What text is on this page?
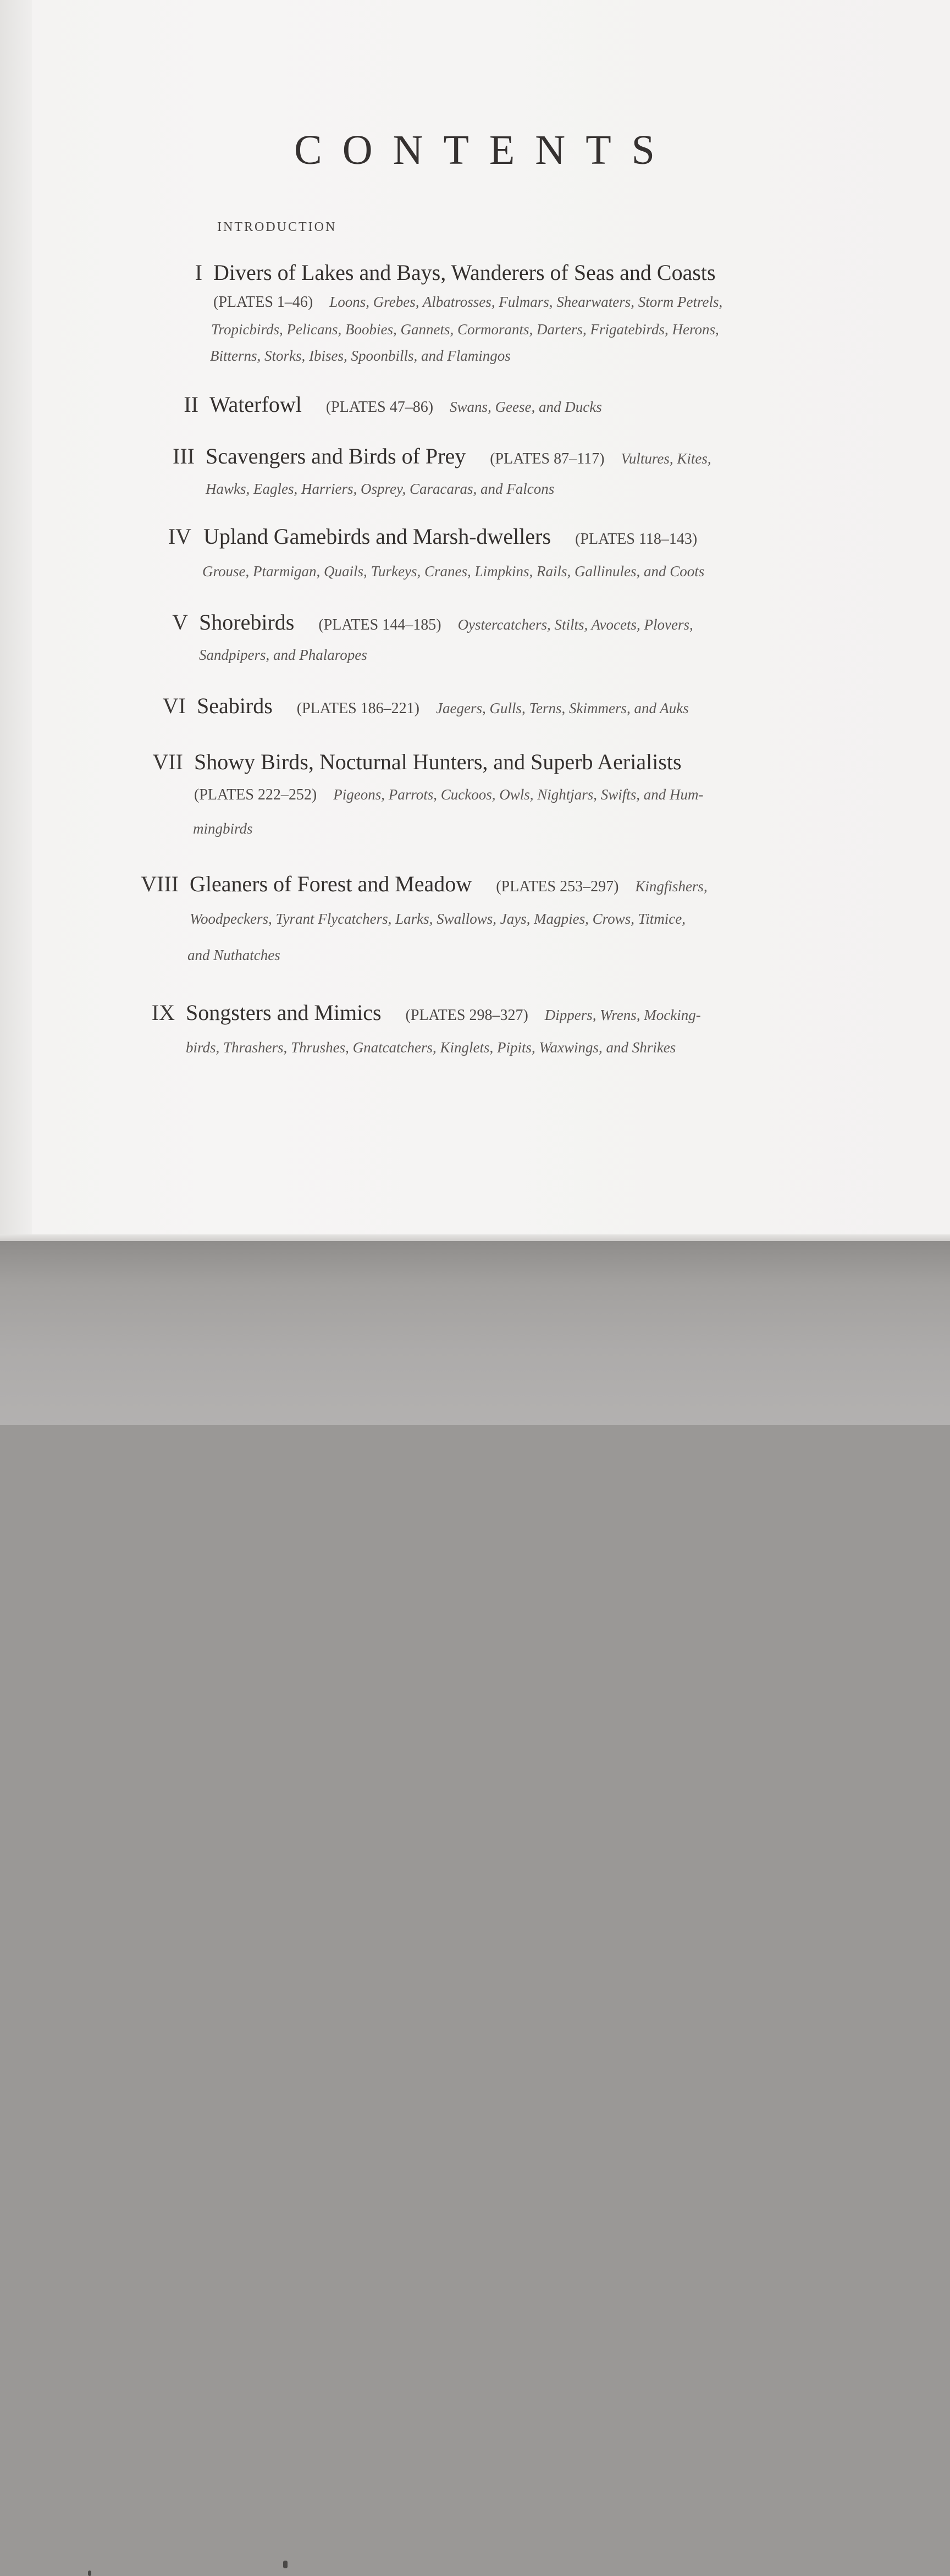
CONTENTS
INTRODUCTION
I Divers of Lakes and Bays, Wanderers of Seas and Coasts
(PLATES 1–46) Loons, Grebes, Albatrosses, Fulmars, Shearwaters, Storm Petrels,
Tropicbirds, Pelicans, Boobies, Gannets, Cormorants, Darters, Frigatebirds, Herons,
Bitterns, Storks, Ibises, Spoonbills, and Flamingos
II Waterfowl (PLATES 47–86) Swans, Geese, and Ducks
III Scavengers and Birds of Prey (PLATES 87–117) Vultures, Kites,
Hawks, Eagles, Harriers, Osprey, Caracaras, and Falcons
IV Upland Gamebirds and Marsh-dwellers (PLATES 118–143)
Grouse, Ptarmigan, Quails, Turkeys, Cranes, Limpkins, Rails, Gallinules, and Coots
V Shorebirds (PLATES 144–185) Oystercatchers, Stilts, Avocets, Plovers,
Sandpipers, and Phalaropes
VI Seabirds (PLATES 186–221) Jaegers, Gulls, Terns, Skimmers, and Auks
VII Showy Birds, Nocturnal Hunters, and Superb Aerialists
(PLATES 222–252) Pigeons, Parrots, Cuckoos, Owls, Nightjars, Swifts, and Hum-
mingbirds
VIII Gleaners of Forest and Meadow (PLATES 253–297) Kingfishers,
Woodpeckers, Tyrant Flycatchers, Larks, Swallows, Jays, Magpies, Crows, Titmice,
and Nuthatches
IX Songsters and Mimics (PLATES 298–327) Dippers, Wrens, Mocking-
birds, Thrashers, Thrushes, Gnatcatchers, Kinglets, Pipits, Waxwings, and Shrikes
